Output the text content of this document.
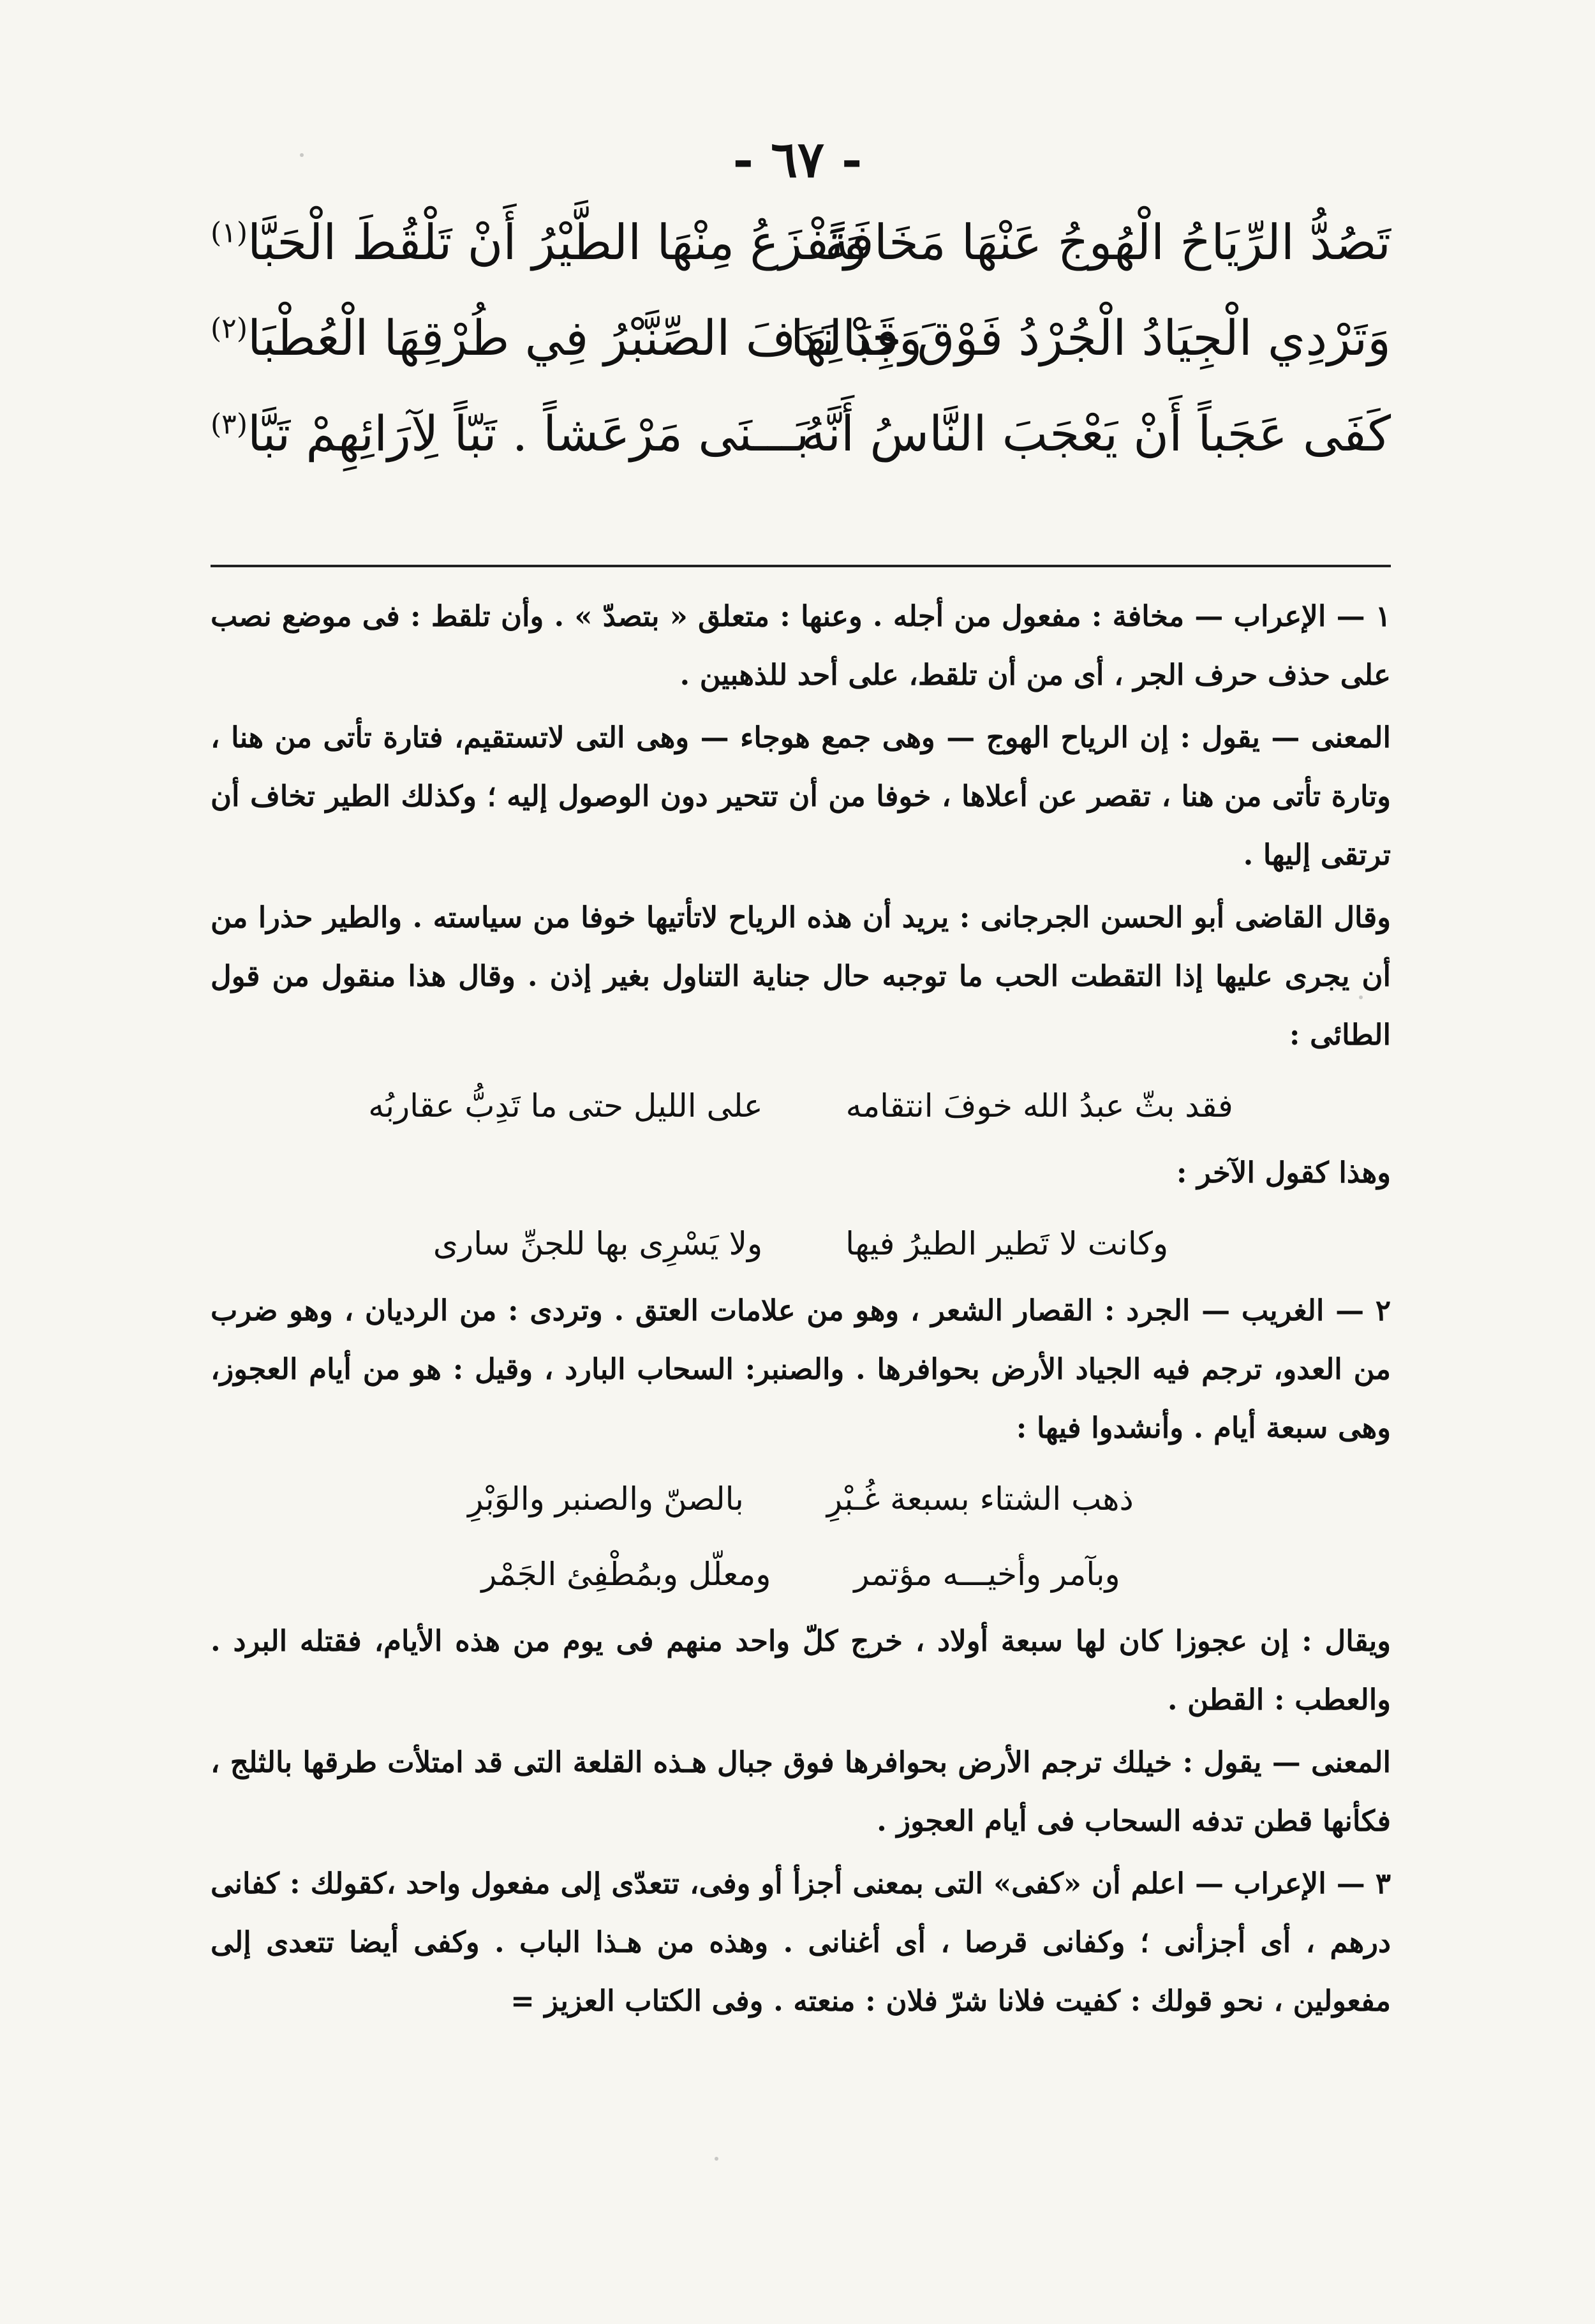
- ٦٧ -
تَصُدُّ الرِّيَاحُ الْهُوجُ عَنْهَا مَخَافَةً
وَتَفْزَعُ مِنْهَا الطَّيْرُ أَنْ تَلْقُطَ الْحَبَّا$^{(١)}$
وَتَرْدِي الْجِيَادُ الْجُرْدُ فَوْقَ جِبَالِهَا
وَقَدْ نَدَفَ الصِّنَّبْرُ فِي طُرْقِهَا الْعُطْبَا$^{(٢)}$
كَفَى عَجَباً أَنْ يَعْجَبَ النَّاسُ أَنَّهُ
بَـــنَى مَرْعَشاً . تَبّاً لِآرَائِهِمْ تَبَّا$^{(٣)}$

١ — الإعراب — مخافة : مفعول من أجله . وعنها : متعلق « بتصدّ » . وأن تلقط : فى موضع نصب على حذف حرف الجر ، أى من أن تلقط، على أحد للذهبين .

المعنى — يقول : إن الرياح الهوج — وهى جمع هوجاء — وهى التى لاتستقيم، فتارة تأتى من هنا ، وتارة تأتى من هنا ، تقصر عن أعلاها ، خوفا من أن تتحير دون الوصول إليه ؛ وكذلك الطير تخاف أن ترتقى إليها .

وقال القاضى أبو الحسن الجرجانى : يريد أن هذه الرياح لاتأتيها خوفا من سياسته . والطير حذرا من أن يجرى عليها إذا التقطت الحب ما توجبه حال جناية التناول بغير إذن . وقال هذا منقول من قول الطائى :

فقد بثّ عبدُ الله خوفَ انتقامه
على الليل حتى ما تَدِبُّ عقاربُه

وهذا كقول الآخر :

وكانت لا تَطير الطيرُ فيها
ولا يَسْرِى بها للجنِّ سارى

٢ — الغريب — الجرد : القصار الشعر ، وهو من علامات العتق . وتردى : من الرديان ، وهو ضرب من العدو، ترجم فيه الجياد الأرض بحوافرها . والصنبر: السحاب البارد ، وقيل : هو من أيام العجوز، وهى سبعة أيام . وأنشدوا فيها :

ذهب الشتاء بسبعة غُـبْرِ
بالصنّ والصنبر والوَبْرِ
وبآمر وأخيـــه مؤتمر
ومعلّل وبمُطْفِئ الجَمْر

ويقال : إن عجوزا كان لها سبعة أولاد ، خرج كلّ واحد منهم فى يوم من هذه الأيام، فقتله البرد . والعطب : القطن .

المعنى — يقول : خيلك ترجم الأرض بحوافرها فوق جبال هـذه القلعة التى قد امتلأت طرقها بالثلج ، فكأنها قطن تدفه السحاب فى أيام العجوز .

٣ — الإعراب — اعلم أن «كفى» التى بمعنى أجزأ أو وفى، تتعدّى إلى مفعول واحد ،كقولك : كفانى درهم ، أى أجزأنى ؛ وكفانى قرصا ، أى أغنانى . وهذه من هـذا الباب . وكفى أيضا تتعدى إلى مفعولين ، نحو قولك : كفيت فلانا شرّ فلان : منعته . وفى الكتاب العزيز =
